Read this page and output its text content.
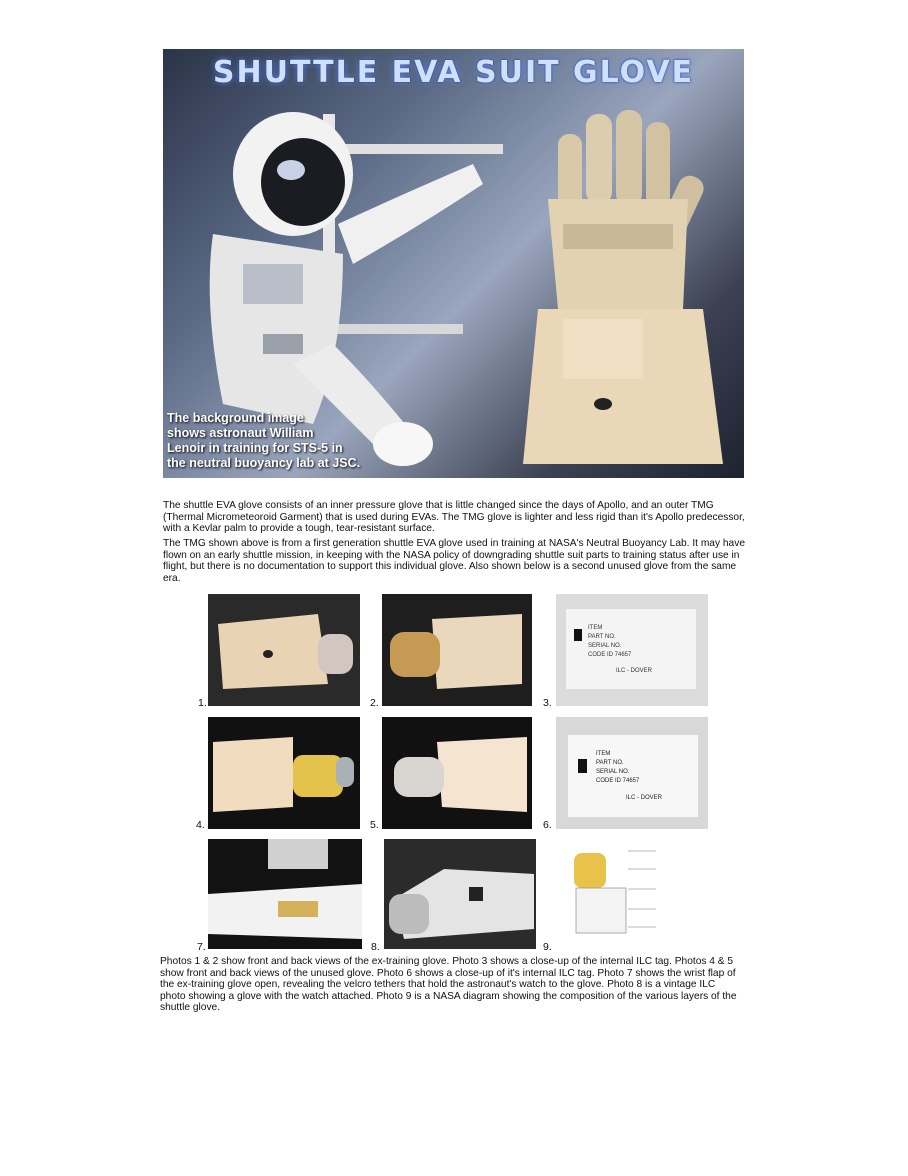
SHUTTLE EVA SUIT GLOVE
The background image
shows astronaut William
Lenoir in training for STS-5 in
the neutral buoyancy lab at JSC.
The shuttle EVA glove consists of an inner pressure glove that is little changed since the days of Apollo, and an outer TMG (Thermal Micrometeoroid Garment) that is used during EVAs. The TMG glove is lighter and less rigid than it's Apollo predecessor, with a Kevlar palm to provide a tough, tear-resistant surface.
The TMG shown above is from a first generation shuttle EVA glove used in training at NASA's Neutral Buoyancy Lab. It may have flown on an early shuttle mission, in keeping with the NASA policy of downgrading shuttle suit parts to training status after use in flight, but there is no documentation to support this individual glove. Also shown below is a second unused glove from the same era.
1.	2.
ITEM
PART NO.
SERIAL NO.
CODE ID 74657
ILC - DOVER
3.
4.	5.
ITEM
PART NO.
SERIAL NO.
CODE ID 74657
ILC - DOVER
6.
7.	8.	9.
Photos 1 & 2 show front and back views of the ex-training glove. Photo 3 shows a close-up of the internal ILC tag. Photos 4 & 5 show front and back views of the unused glove. Photo 6 shows a close-up of it's internal ILC tag. Photo 7 shows the wrist flap of the ex-training glove open, revealing the velcro tethers that hold the astronaut's watch to the glove. Photo 8 is a vintage ILC photo showing a glove with the watch attached. Photo 9 is a NASA diagram showing the composition of the various layers of the shuttle glove.
